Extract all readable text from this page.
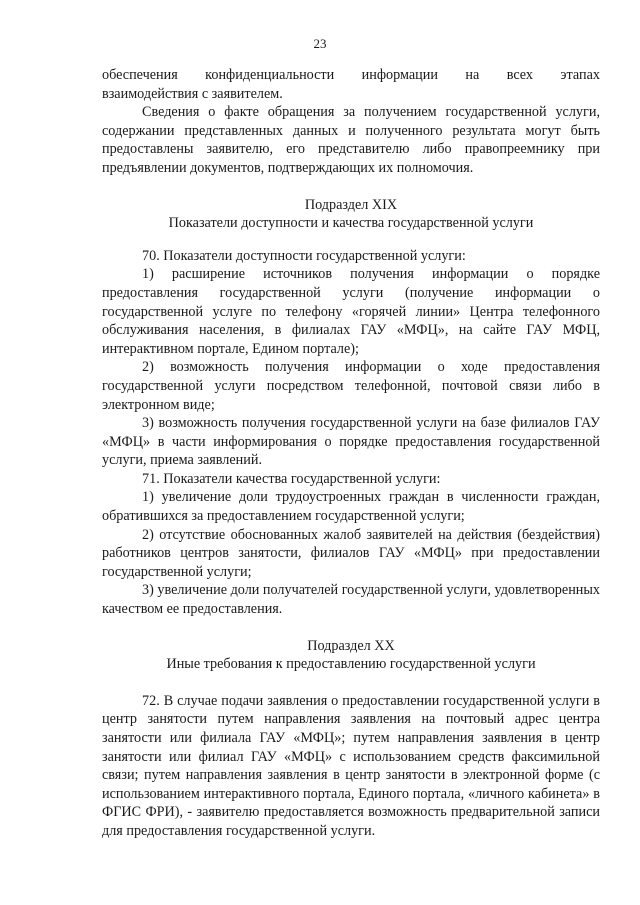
23

обеспечения конфиденциальности информации на всех этапах

взаимодействия с заявителем.

Сведения о факте обращения за получением государственной услуги, содержании представленных данных и полученного результата могут быть предоставлены заявителю, его представителю либо правопреемнику при предъявлении документов, подтверждающих их полномочия.

Подраздел XIX

Показатели доступности и качества государственной услуги

70. Показатели доступности государственной услуги:

1) расширение источников получения информации о порядке предоставления государственной услуги (получение информации о государственной услуге по телефону «горячей линии» Центра телефонного обслуживания населения, в филиалах ГАУ «МФЦ», на сайте ГАУ МФЦ, интерактивном портале, Едином портале);

2) возможность получения информации о ходе предоставления государственной услуги посредством телефонной, почтовой связи либо в электронном виде;

3) возможность получения государственной услуги на базе филиалов ГАУ «МФЦ» в части информирования о порядке предоставления государственной услуги, приема заявлений.

71. Показатели качества государственной услуги:

1) увеличение доли трудоустроенных граждан в численности граждан, обратившихся за предоставлением государственной услуги;

2) отсутствие обоснованных жалоб заявителей на действия (бездействия) работников центров занятости, филиалов ГАУ «МФЦ» при предоставлении государственной услуги;

3) увеличение доли получателей государственной услуги, удовлетворенных качеством ее предоставления.

Подраздел XX

Иные требования к предоставлению государственной услуги

72. В случае подачи заявления о предоставлении государственной услуги в центр занятости путем направления заявления на почтовый адрес центра занятости или филиала ГАУ «МФЦ»; путем направления заявления в центр занятости или филиал ГАУ «МФЦ» с использованием средств факсимильной связи; путем направления заявления в центр занятости в электронной форме (с использованием интерактивного портала, Единого портала, «личного кабинета» в ФГИС ФРИ), - заявителю предоставляется возможность предварительной записи для предоставления государственной услуги.
